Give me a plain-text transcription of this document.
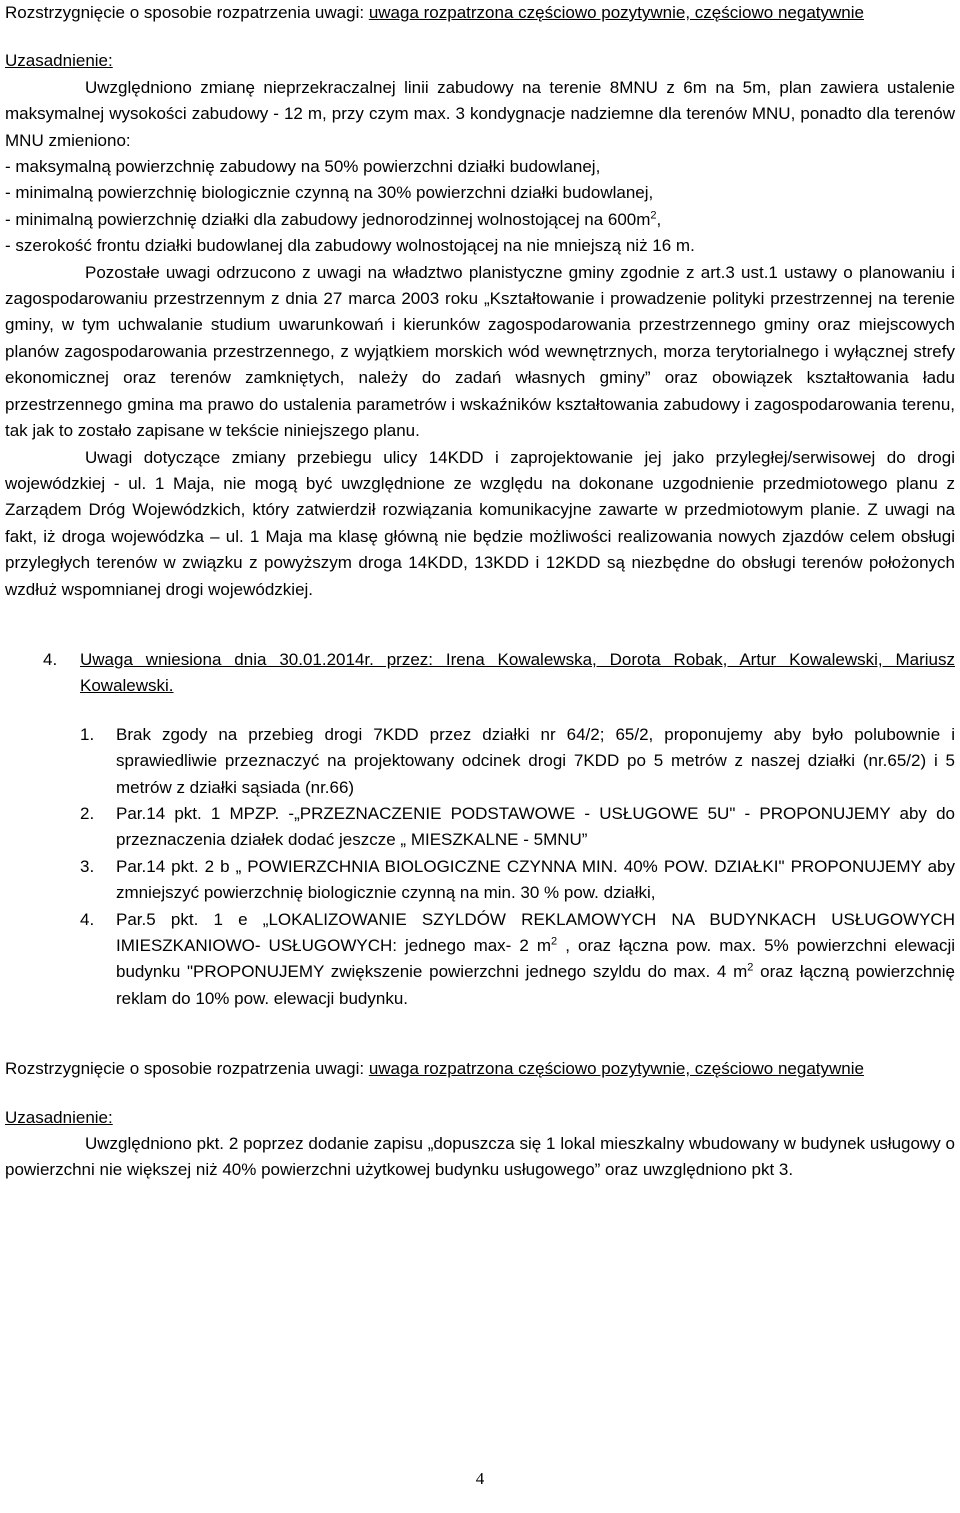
Rozstrzygnięcie o sposobie rozpatrzenia uwagi: uwaga rozpatrzona częściowo pozytywnie, częściowo negatywnie

Uzasadnienie:

Uwzględniono zmianę nieprzekraczalnej linii zabudowy na terenie 8MNU z 6m na 5m, plan zawiera ustalenie maksymalnej wysokości zabudowy - 12 m, przy czym max. 3 kondygnacje nadziemne dla terenów MNU, ponadto dla terenów MNU zmieniono:

- maksymalną powierzchnię zabudowy na 50% powierzchni działki budowlanej,

- minimalną powierzchnię biologicznie czynną na 30% powierzchni działki budowlanej,

- minimalną powierzchnię działki dla zabudowy jednorodzinnej wolnostojącej na $600m^2$,

- szerokość frontu działki budowlanej dla zabudowy wolnostojącej na nie mniejszą niż 16 m.

Pozostałe uwagi odrzucono z uwagi na władztwo planistyczne gminy zgodnie z art.3 ust.1 ustawy o planowaniu i zagospodarowaniu przestrzennym z dnia 27 marca 2003 roku „Kształtowanie i prowadzenie polityki przestrzennej na terenie gminy, w tym uchwalanie studium uwarunkowań i kierunków zagospodarowania przestrzennego gminy oraz miejscowych planów zagospodarowania przestrzennego, z wyjątkiem morskich wód wewnętrznych, morza terytorialnego i wyłącznej strefy ekonomicznej oraz terenów zamkniętych, należy do zadań własnych gminy” oraz obowiązek kształtowania ładu przestrzennego gmina ma prawo do ustalenia parametrów i wskaźników kształtowania zabudowy i zagospodarowania terenu, tak jak to zostało zapisane w tekście niniejszego planu.

Uwagi dotyczące zmiany przebiegu ulicy 14KDD i zaprojektowanie jej jako przyległej/serwisowej do drogi wojewódzkiej - ul. 1 Maja, nie mogą być uwzględnione ze względu na dokonane uzgodnienie przedmiotowego planu z Zarządem Dróg Wojewódzkich, który zatwierdził rozwiązania komunikacyjne zawarte w przedmiotowym planie. Z uwagi na fakt, iż droga wojewódzka – ul. 1 Maja ma klasę główną nie będzie możliwości realizowania nowych zjazdów celem obsługi przyległych terenów w związku z powyższym droga 14KDD, 13KDD i 12KDD są niezbędne do obsługi terenów położonych wzdłuż wspomnianej drogi wojewódzkiej.

4.	Uwaga wniesiona dnia 30.01.2014r. przez: Irena Kowalewska, Dorota Robak, Artur Kowalewski, Mariusz Kowalewski.
1.	Brak zgody na przebieg drogi 7KDD przez działki nr 64/2; 65/2, proponujemy aby było polubownie i sprawiedliwie przeznaczyć na projektowany odcinek drogi 7KDD po 5 metrów z naszej działki (nr.65/2) i 5 metrów z działki sąsiada (nr.66)
2.	Par.14 pkt. 1 MPZP. -„PRZEZNACZENIE PODSTAWOWE - USŁUGOWE 5U" - PROPONUJEMY aby do przeznaczenia działek dodać jeszcze „ MIESZKALNE - 5MNU”
3.	Par.14 pkt. 2 b „ POWIERZCHNIA BIOLOGICZNE CZYNNA MIN. 40% POW. DZIAŁKI" PROPONUJEMY aby zmniejszyć powierzchnię biologicznie czynną na min. 30 % pow. działki,
4.	Par.5 pkt. 1 e „LOKALIZOWANIE SZYLDÓW REKLAMOWYCH NA BUDYNKACH USŁUGOWYCH IMIESZKANIOWO- USŁUGOWYCH: jednego max- 2 $m^2$ , oraz łączna pow. max. 5% powierzchni elewacji budynku "PROPONUJEMY zwiększenie powierzchni jednego szyldu do max. 4 $m^2$ oraz łączną powierzchnię reklam do 10% pow. elewacji budynku.

Rozstrzygnięcie o sposobie rozpatrzenia uwagi: uwaga rozpatrzona częściowo pozytywnie, częściowo negatywnie

Uzasadnienie:

Uwzględniono pkt. 2 poprzez dodanie zapisu „dopuszcza się 1 lokal mieszkalny wbudowany w budynek usługowy o powierzchni nie większej niż 40% powierzchni użytkowej budynku usługowego” oraz uwzględniono pkt 3.

4
